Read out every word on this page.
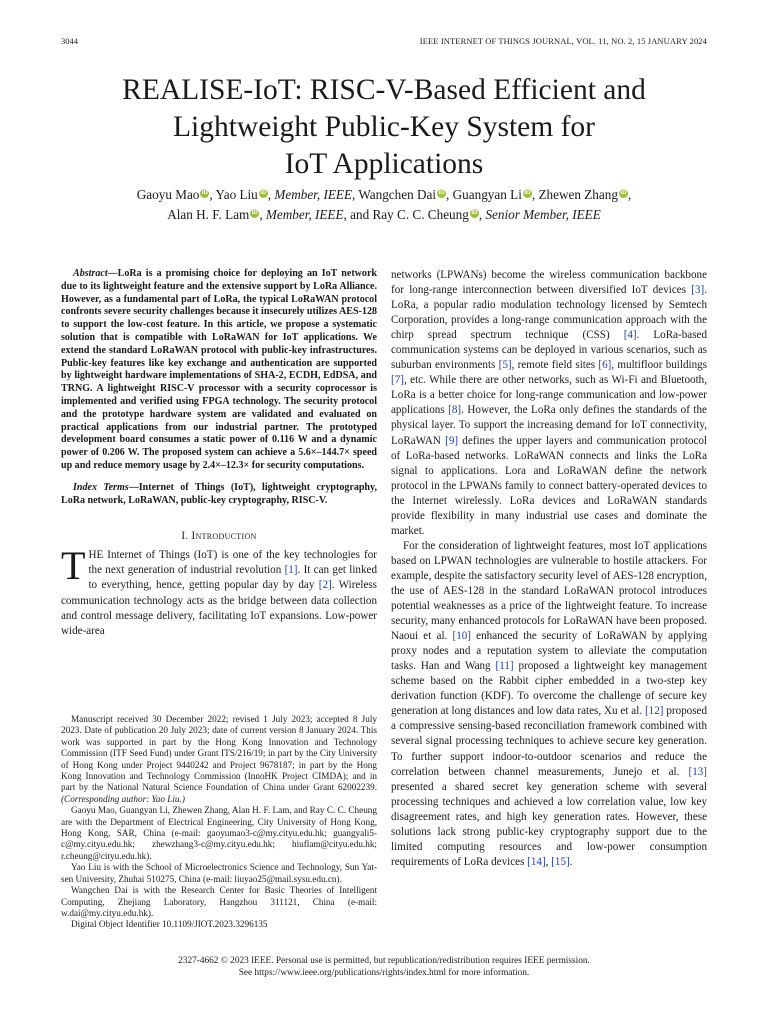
3044	IEEE INTERNET OF THINGS JOURNAL, VOL. 11, NO. 2, 15 JANUARY 2024
REALISE-IoT: RISC-V-Based Efficient and
Lightweight Public-Key System for
IoT Applications
Gaoyu Mao iD , Yao Liu iD , Member, IEEE, Wangchen Dai iD , Guangyan Li iD , Zhewen Zhang iD ,
Alan H. F. Lam iD , Member, IEEE, and Ray C. C. Cheung iD , Senior Member, IEEE

Abstract—LoRa is a promising choice for deploying an IoT network due to its lightweight feature and the extensive support by LoRa Alliance. However, as a fundamental part of LoRa, the typical LoRaWAN protocol confronts severe security challenges because it insecurely utilizes AES-128 to support the low-cost feature. In this article, we propose a systematic solution that is compatible with LoRaWAN for IoT applications. We extend the standard LoRaWAN protocol with public-key infrastructures. Public-key features like key exchange and authentication are supported by lightweight hardware implementations of SHA-2, ECDH, EdDSA, and TRNG. A lightweight RISC-V processor with a security coprocessor is implemented and verified using FPGA technology. The security protocol and the prototype hardware system are validated and evaluated on practical applications from our industrial partner. The prototyped development board consumes a static power of 0.116 W and a dynamic power of 0.206 W. The proposed system can achieve a 5.6×–144.7× speed up and reduce memory usage by 2.4×–12.3× for security computations.

Index Terms—Internet of Things (IoT), lightweight cryptography, LoRa network, LoRaWAN, public-key cryptography, RISC-V.

I. Introduction

THE Internet of Things (IoT) is one of the key technologies for the next generation of industrial revolution [1]. It can get linked to everything, hence, getting popular day by day [2]. Wireless communication technology acts as the bridge between data collection and control message delivery, facilitating IoT expansions. Low-power wide-area

Manuscript received 30 December 2022; revised 1 July 2023; accepted 8 July 2023. Date of publication 20 July 2023; date of current version 8 January 2024. This work was supported in part by the Hong Kong Innovation and Technology Commission (ITF Seed Fund) under Grant ITS/216/19; in part by the City University of Hong Kong under Project 9440242 and Project 9678187; in part by the Hong Kong Innovation and Technology Commission (InnoHK Project CIMDA); and in part by the National Natural Science Foundation of China under Grant 62002239. (Corresponding author: Yao Liu.)

Gaoyu Mao, Guangyan Li, Zhewen Zhang, Alan H. F. Lam, and Ray C. C. Cheung are with the Department of Electrical Engineering, City University of Hong Kong, Hong Kong, SAR, China (e-mail: gaoyumao3-c@my.cityu.edu.hk; guangyali5-c@my.cityu.edu.hk; zhewzhang3-c@my.cityu.edu.hk; hiuflam@cityu.edu.hk; r.cheung@cityu.edu.hk).

Yao Liu is with the School of Microelectronics Science and Technology, Sun Yat-sen University, Zhuhai 510275, China (e-mail: liuyao25@mail.sysu.edu.cn).

Wangchen Dai is with the Research Center for Basic Theories of Intelligent Computing, Zhejiang Laboratory, Hangzhou 311121, China (e-mail: w.dai@my.cityu.edu.hk).

Digital Object Identifier 10.1109/JIOT.2023.3296135

networks (LPWANs) become the wireless communication backbone for long-range interconnection between diversified IoT devices [3]. LoRa, a popular radio modulation technology licensed by Semtech Corporation, provides a long-range communication approach with the chirp spread spectrum technique (CSS) [4]. LoRa-based communication systems can be deployed in various scenarios, such as suburban environments [5], remote field sites [6], multifloor buildings [7], etc. While there are other networks, such as Wi-Fi and Bluetooth, LoRa is a better choice for long-range communication and low-power applications [8]. However, the LoRa only defines the standards of the physical layer. To support the increasing demand for IoT connectivity, LoRaWAN [9] defines the upper layers and communication protocol of LoRa-based networks. LoRaWAN connects and links the LoRa signal to applications. Lora and LoRaWAN define the network protocol in the LPWANs family to connect battery-operated devices to the Internet wirelessly. LoRa devices and LoRaWAN standards provide flexibility in many industrial use cases and dominate the market.

For the consideration of lightweight features, most IoT applications based on LPWAN technologies are vulnerable to hostile attackers. For example, despite the satisfactory security level of AES-128 encryption, the use of AES-128 in the standard LoRaWAN protocol introduces potential weaknesses as a price of the lightweight feature. To increase security, many enhanced protocols for LoRaWAN have been proposed. Naoui et al. [10] enhanced the security of LoRaWAN by applying proxy nodes and a reputation system to alleviate the computation tasks. Han and Wang [11] proposed a lightweight key management scheme based on the Rabbit cipher embedded in a two-step key derivation function (KDF). To overcome the challenge of secure key generation at long distances and low data rates, Xu et al. [12] proposed a compressive sensing-based reconciliation framework combined with several signal processing techniques to achieve secure key generation. To further support indoor-to-outdoor scenarios and reduce the correlation between channel measurements, Junejo et al. [13] presented a shared secret key generation scheme with several processing techniques and achieved a low correlation value, low key disagreement rates, and high key generation rates. However, these solutions lack strong public-key cryptography support due to the limited computing resources and low-power consumption requirements of LoRa devices [14], [15].

2327-4662 © 2023 IEEE. Personal use is permitted, but republication/redistribution requires IEEE permission.
See https://www.ieee.org/publications/rights/index.html for more information.
